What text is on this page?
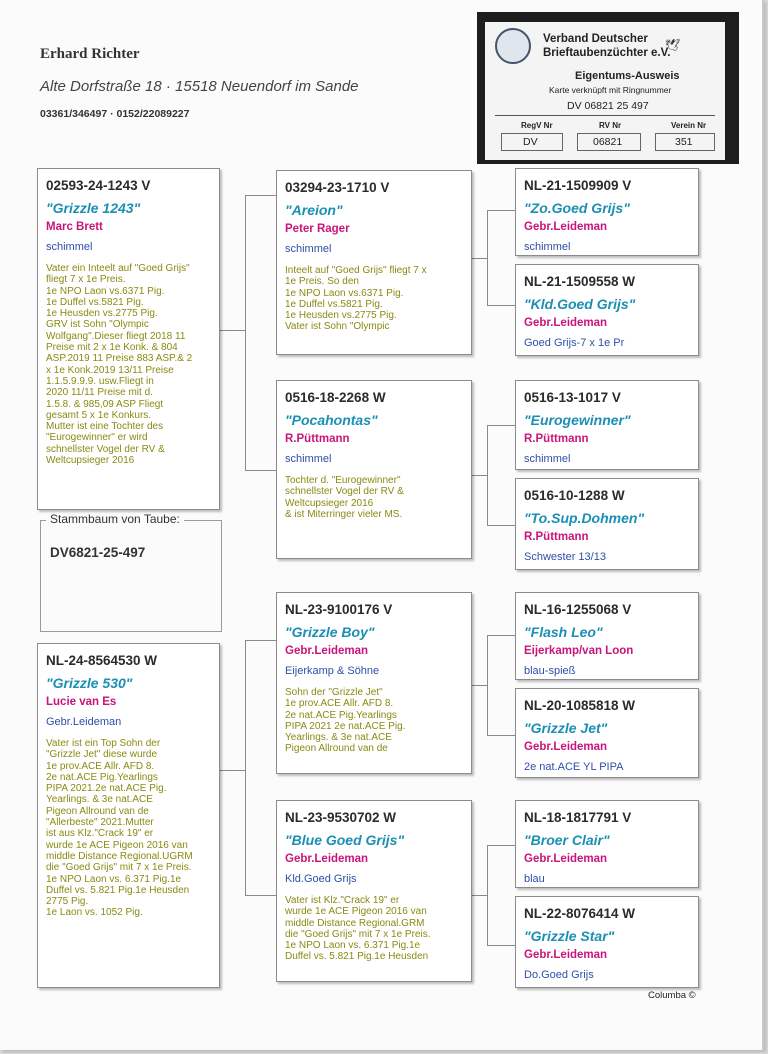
Erhard Richter
Alte Dorfstraße 18 · 15518 Neuendorf im Sande
03361/346497 · 0152/22089227
🕊
Verband Deutscher
Brieftaubenzüchter e.V.
Eigentums-Ausweis
Karte verknüpft mit Ringnummer
DV 06821 25 497
RegV Nr	RV Nr	Verein Nr
DV	06821	351
Stammbaum von Taube:
DV6821-25-497
02593-24-1243 V
"Grizzle 1243"
Marc Brett
schimmel
Vater ein Inteelt auf "Goed Grijs"
fliegt 7 x 1e Preis.
1e NPO Laon vs.6371 Pig.
1e Duffel vs.5821 Pig.
1e Heusden vs.2775 Pig.
GRV ist Sohn "Olympic
Wolfgang".Dieser fliegt 2018 11
Preise mit 2 x 1e Konk. & 804
ASP.2019 11 Preise 883 ASP.& 2
x 1e Konk.2019 13/11 Preise
1.1.5.9.9.9. usw.Fliegt in
2020 11/11 Preise mit d.
1.5.8. & 985,09 ASP Fliegt
gesamt 5 x 1e Konkurs.
Mutter ist eine Tochter des
"Eurogewinner" er wird
schnellster Vogel der RV &
Weltcupsieger 2016
NL-24-8564530 W
"Grizzle 530"
Lucie van Es
Gebr.Leideman
Vater ist ein Top Sohn der
"Grizzle Jet" diese wurde
1e prov.ACE Allr. AFD 8.
2e nat.ACE Pig.Yearlings
PIPA 2021.2e nat.ACE Pig.
Yearlings. & 3e nat.ACE
Pigeon Allround van de
"Allerbeste" 2021.Mutter
ist aus Klz."Crack 19" er
wurde 1e ACE Pigeon 2016 van
middle Distance Regional.UGRM
die "Goed Grijs" mit 7 x 1e Preis.
1e NPO Laon vs. 6.371 Pig.1e
Duffel vs. 5.821 Pig.1e Heusden
2775 Pig.
1e Laon vs. 1052 Pig.
03294-23-1710 V
"Areion"
Peter Rager
schimmel
Inteelt auf "Goed Grijs" fliegt 7 x
1e Preis. So den
1e NPO Laon vs.6371 Pig.
1e Duffel vs.5821 Pig.
1e Heusden vs.2775 Pig.
Vater ist Sohn "Olympic
0516-18-2268 W
"Pocahontas"
R.Püttmann
schimmel
Tochter d. "Eurogewinner"
schnellster Vogel der RV &
Weltcupsieger 2016
& ist Miterringer vieler MS.
NL-23-9100176 V
"Grizzle Boy"
Gebr.Leideman
Eijerkamp & Söhne
Sohn der "Grizzle Jet"
1e prov.ACE Allr. AFD 8.
2e nat.ACE Pig.Yearlings
PIPA 2021 2e nat.ACE Pig.
Yearlings. & 3e nat.ACE
Pigeon Allround van de
NL-23-9530702 W
"Blue Goed Grijs"
Gebr.Leideman
Kld.Goed Grijs
Vater ist Klz."Crack 19" er
wurde 1e ACE Pigeon 2016 van
middle Distance Regional.GRM
die "Goed Grijs" mit 7 x 1e Preis.
1e NPO Laon vs. 6.371 Pig.1e
Duffel vs. 5.821 Pig.1e Heusden
NL-21-1509909 V
"Zo.Goed Grijs"
Gebr.Leideman
schimmel
NL-21-1509558 W
"Kld.Goed Grijs"
Gebr.Leideman
Goed Grijs-7 x 1e Pr
0516-13-1017 V
"Eurogewinner"
R.Püttmann
schimmel
0516-10-1288 W
"To.Sup.Dohmen"
R.Püttmann
Schwester 13/13
NL-16-1255068 V
"Flash Leo"
Eijerkamp/van Loon
blau-spieß
NL-20-1085818 W
"Grizzle Jet"
Gebr.Leideman
2e nat.ACE YL PIPA
NL-18-1817791 V
"Broer Clair"
Gebr.Leideman
blau
NL-22-8076414 W
"Grizzle Star"
Gebr.Leideman
Do.Goed Grijs
Columba ©
